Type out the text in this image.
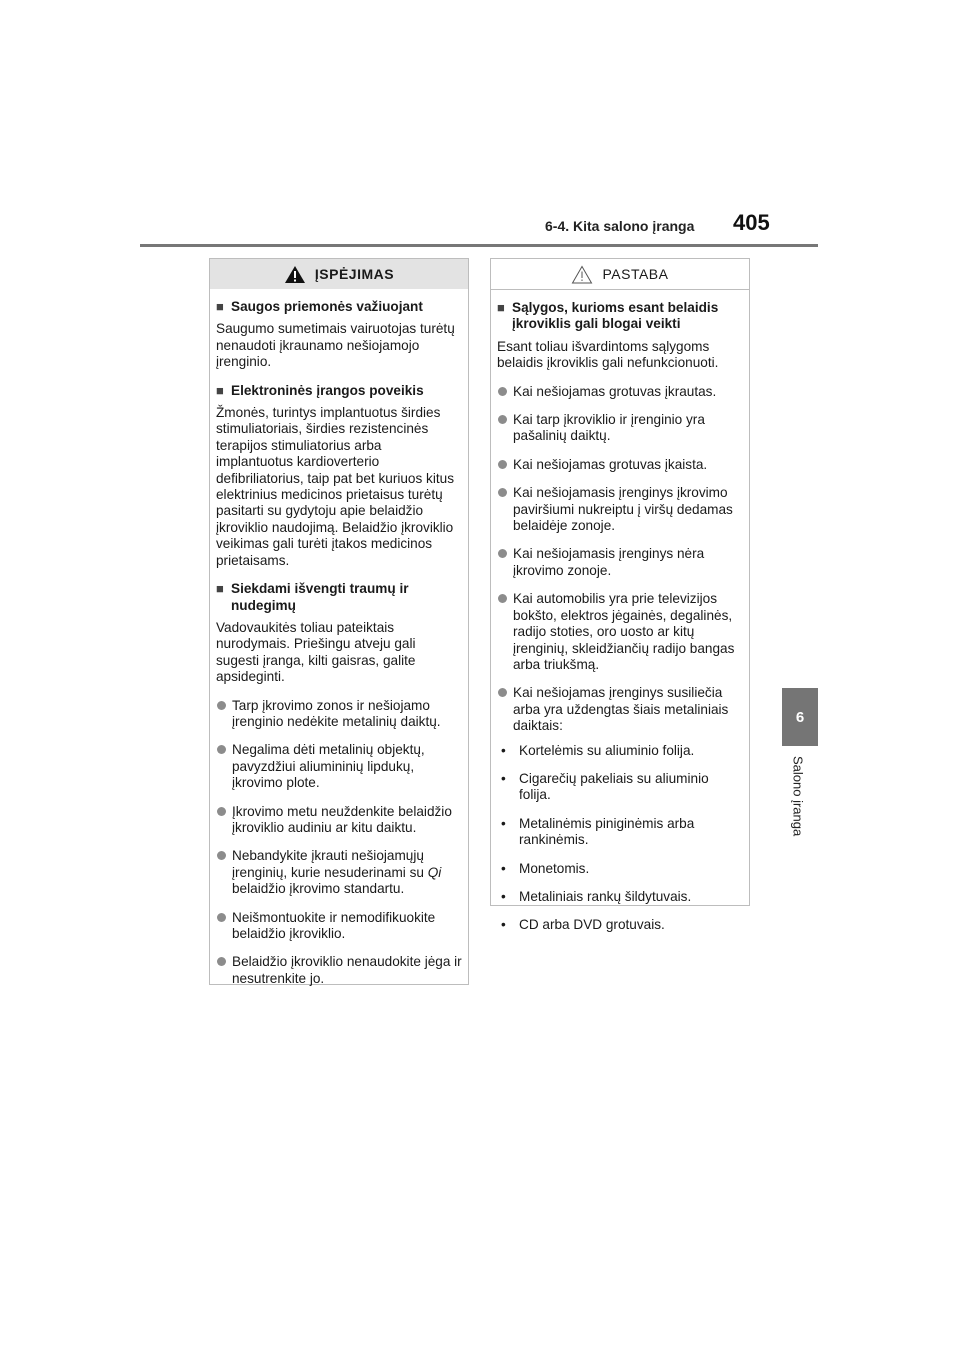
6-4. Kita salono įranga 405
6
Salono įranga
ĮSPĖJIMAS
■ Saugos priemonės važiuojant
Saugumo sumetimais vairuotojas turėtų nenaudoti įkraunamo nešiojamojo įrenginio.
■ Elektroninės įrangos poveikis
Žmonės, turintys implantuotus širdies stimuliatoriais, širdies rezistencinės terapijos stimuliatorius arba implantuotus kardioverterio defibriliatorius, taip pat bet kuriuos kitus elektrinius medicinos prietaisus turėtų pasitarti su gydytoju apie belaidžio įkroviklio naudojimą. Belaidžio įkroviklio veikimas gali turėti įtakos medicinos prietaisams.
■ Siekdami išvengti traumų ir nudegimų
Vadovaukitės toliau pateiktais nurodymais. Priešingu atveju gali sugesti įranga, kilti gaisras, galite apsideginti.
Tarp įkrovimo zonos ir nešiojamo įrenginio nedėkite metalinių daiktų.
Negalima dėti metalinių objektų, pavyzdžiui aliumininių lipdukų, įkrovimo plote.
Įkrovimo metu neuždenkite belaidžio įkroviklio audiniu ar kitu daiktu.
Nebandykite įkrauti nešiojamųjų įrenginių, kurie nesuderinami su Qi belaidžio įkrovimo standartu.
Neišmontuokite ir nemodifikuokite belaidžio įkroviklio.
Belaidžio įkroviklio nenaudokite jėga ir nesutrenkite jo.
PASTABA
■ Sąlygos, kurioms esant belaidis įkroviklis gali blogai veikti
Esant toliau išvardintoms sąlygoms belaidis įkroviklis gali nefunkcionuoti.
Kai nešiojamas grotuvas įkrautas.
Kai tarp įkroviklio ir įrenginio yra pašalinių daiktų.
Kai nešiojamas grotuvas įkaista.
Kai nešiojamasis įrenginys įkrovimo paviršiumi nukreiptu į viršų dedamas belaidėje zonoje.
Kai nešiojamasis įrenginys nėra įkrovimo zonoje.
Kai automobilis yra prie televizijos bokšto, elektros jėgainės, degalinės, radijo stoties, oro uosto ar kitų įrenginių, skleidžiančių radijo bangas arba triukšmą.
Kai nešiojamas įrenginys susiliečia arba yra uždengtas šiais metaliniais daiktais:
• Kortelėmis su aliuminio folija.
• Cigarečių pakeliais su aliuminio folija.
• Metalinėmis piniginėmis arba rankinėmis.
• Monetomis.
• Metaliniais rankų šildytuvais.
• CD arba DVD grotuvais.
